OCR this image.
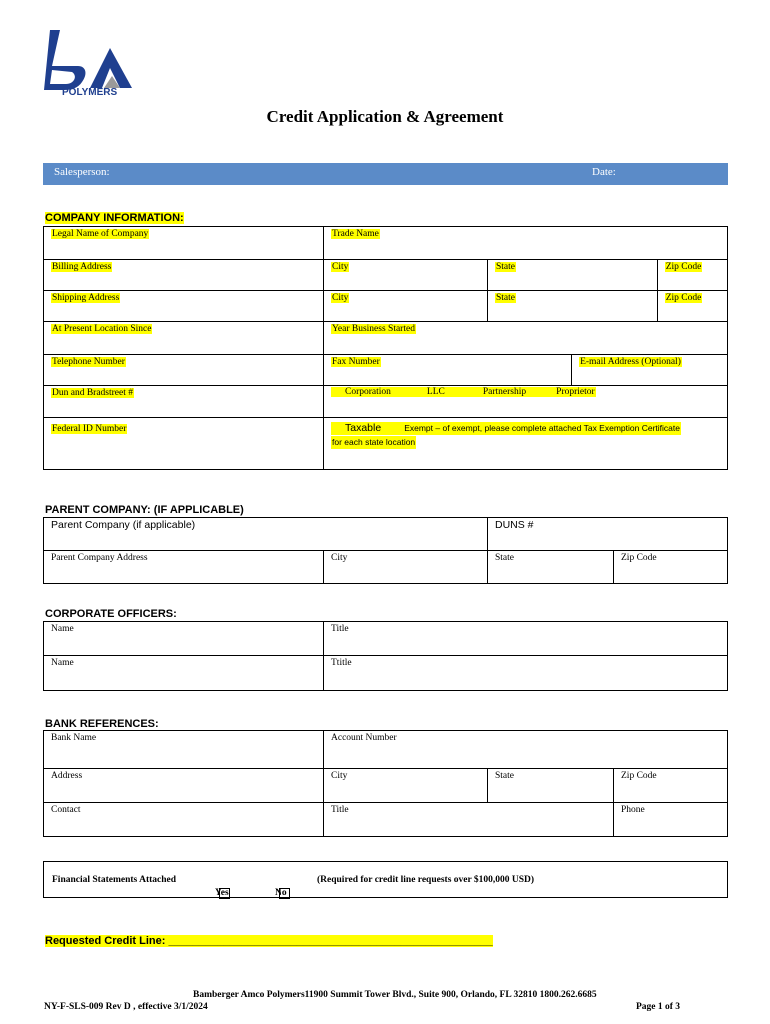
POLYMERS
Credit Application & Agreement
Salesperson:	Date:
COMPANY INFORMATION:
Legal Name of Company	Trade Name			
Billing Address	City	State		Zip Code
Shipping Address	City	State		Zip Code
At Present Location Since	Year Business Started			
Telephone Number	Fax Number		E-mail Address (Optional)	
Dun and Bradstreet #	Corporation LLC Partnership Proprietor			
Federal ID Number	Taxable Exempt – of exempt, please complete attached Tax Exemption Certificate
for each state location			
PARENT COMPANY: (IF APPLICABLE)
Parent Company (if applicable)		DUNS #	
Parent Company Address	City	State	Zip Code
CORPORATE OFFICERS:
Name	Title
Name	Ttitle
BANK REFERENCES:
Bank Name	Account Number		
Address	City	State	Zip Code
Contact	Title		Phone
Financial Statements Attached
Yes	No
(Required for credit line requests over $100,000 USD)
Requested Credit Line: _____________________________________________________
Bamberger Amco Polymers11900 Summit Tower Blvd., Suite 900, Orlando, FL 32810 1800.262.6685
NY-F-SLS-009 Rev D , effective 3/1/2024	Page 1 of 3
